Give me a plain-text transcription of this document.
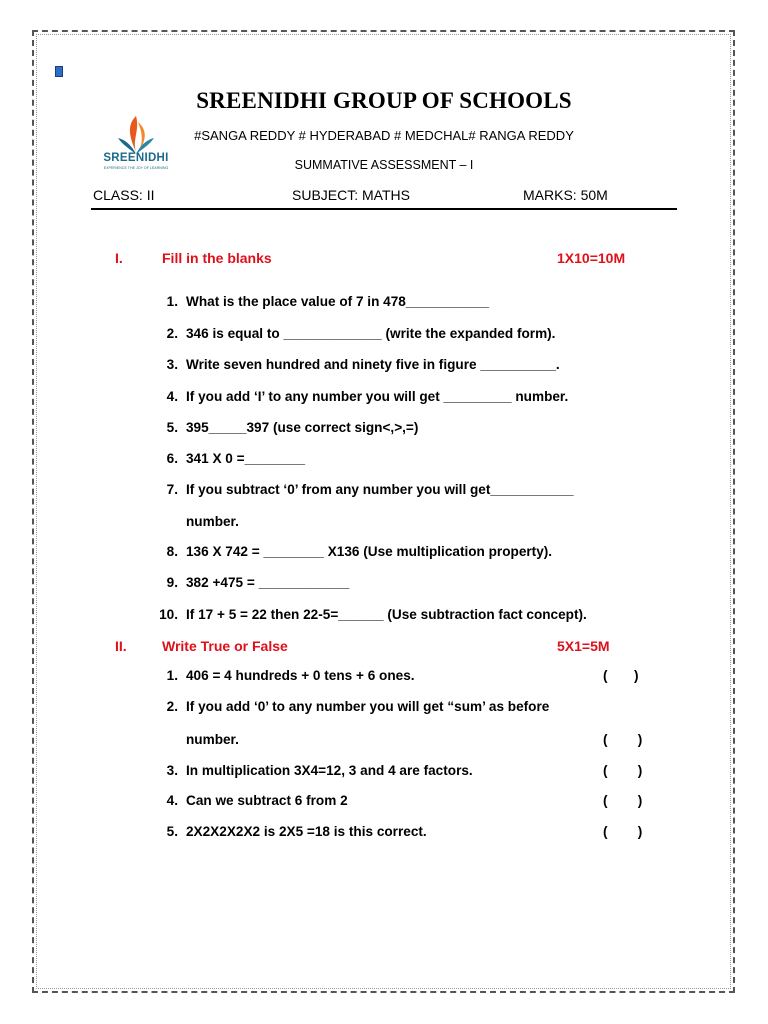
SREENIDHI
EXPERIENCE THE JOY OF LEARNING
SREENIDHI GROUP OF SCHOOLS
#SANGA REDDY # HYDERABAD # MEDCHAL# RANGA REDDY
SUMMATIVE ASSESSMENT – I
CLASS: II	SUBJECT: MATHS	MARKS: 50M
I.	Fill in the blanks	1X10=10M
1. What is the place value of 7 in 478___________
2. 346 is equal to _____________ (write the expanded form).
3. Write seven hundred and ninety five in figure __________.
4. If you add ‘I’ to any number you will get _________ number.
5. 395_____397 (use correct sign<,>,=)
6. 341 X 0 =________
7. If you subtract ‘0’ from any number you will get___________
number.
8. 136 X 742 = ________ X136 (Use multiplication property).
9. 382 +475 = ____________
10. If 17 + 5 = 22 then 22-5=______ (Use subtraction fact concept).
II.	Write True or False	5X1=5M
1. 406 = 4 hundreds + 0 tens + 6 ones.	(       )
2. If you add ‘0’ to any number you will get “sum’ as before
number.	(        )
3. In multiplication 3X4=12, 3 and 4 are factors.	(        )
4. Can we subtract 6 from 2	(        )
5. 2X2X2X2X2 is 2X5 =18 is this correct.	(        )
